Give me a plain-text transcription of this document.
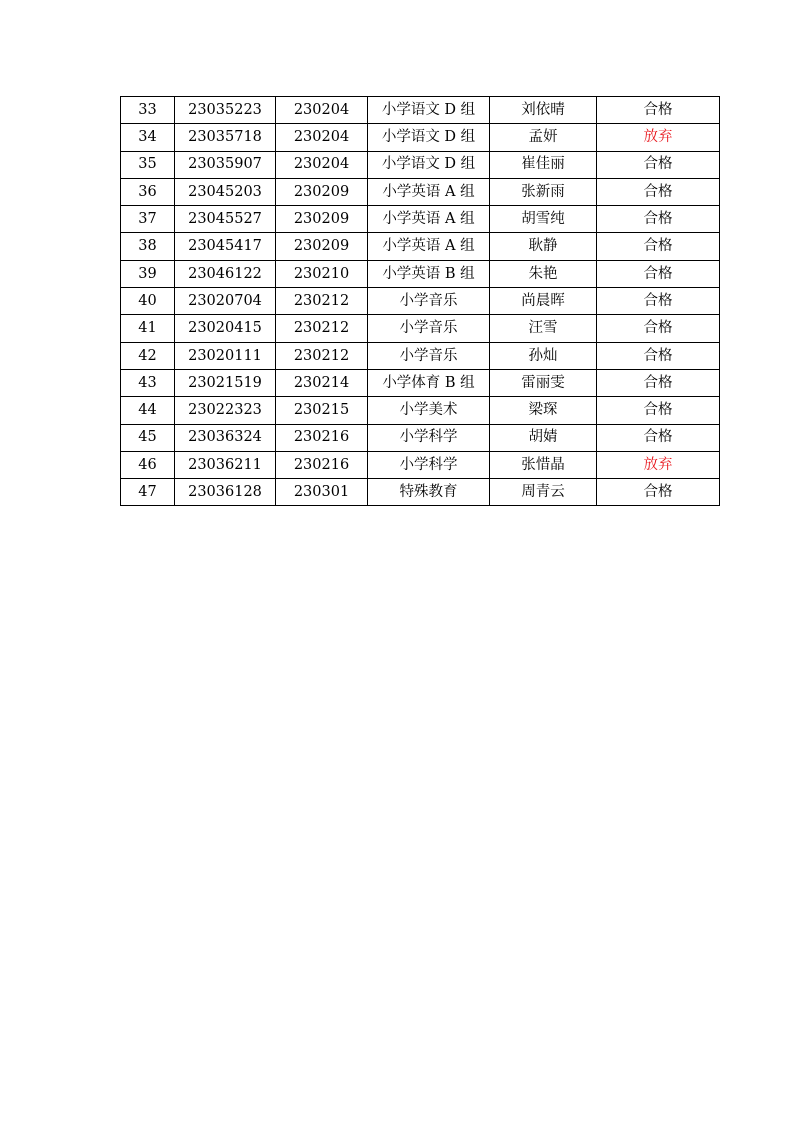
33	23035223	230204	小学语文 D 组	刘依晴	合格
34	23035718	230204	小学语文 D 组	孟妍	放弃
35	23035907	230204	小学语文 D 组	崔佳丽	合格
36	23045203	230209	小学英语 A 组	张新雨	合格
37	23045527	230209	小学英语 A 组	胡雪纯	合格
38	23045417	230209	小学英语 A 组	耿静	合格
39	23046122	230210	小学英语 B 组	朱艳	合格
40	23020704	230212	小学音乐	尚晨晖	合格
41	23020415	230212	小学音乐	汪雪	合格
42	23020111	230212	小学音乐	孙灿	合格
43	23021519	230214	小学体育 B 组	雷丽雯	合格
44	23022323	230215	小学美术	梁琛	合格
45	23036324	230216	小学科学	胡婧	合格
46	23036211	230216	小学科学	张惜晶	放弃
47	23036128	230301	特殊教育	周青云	合格
